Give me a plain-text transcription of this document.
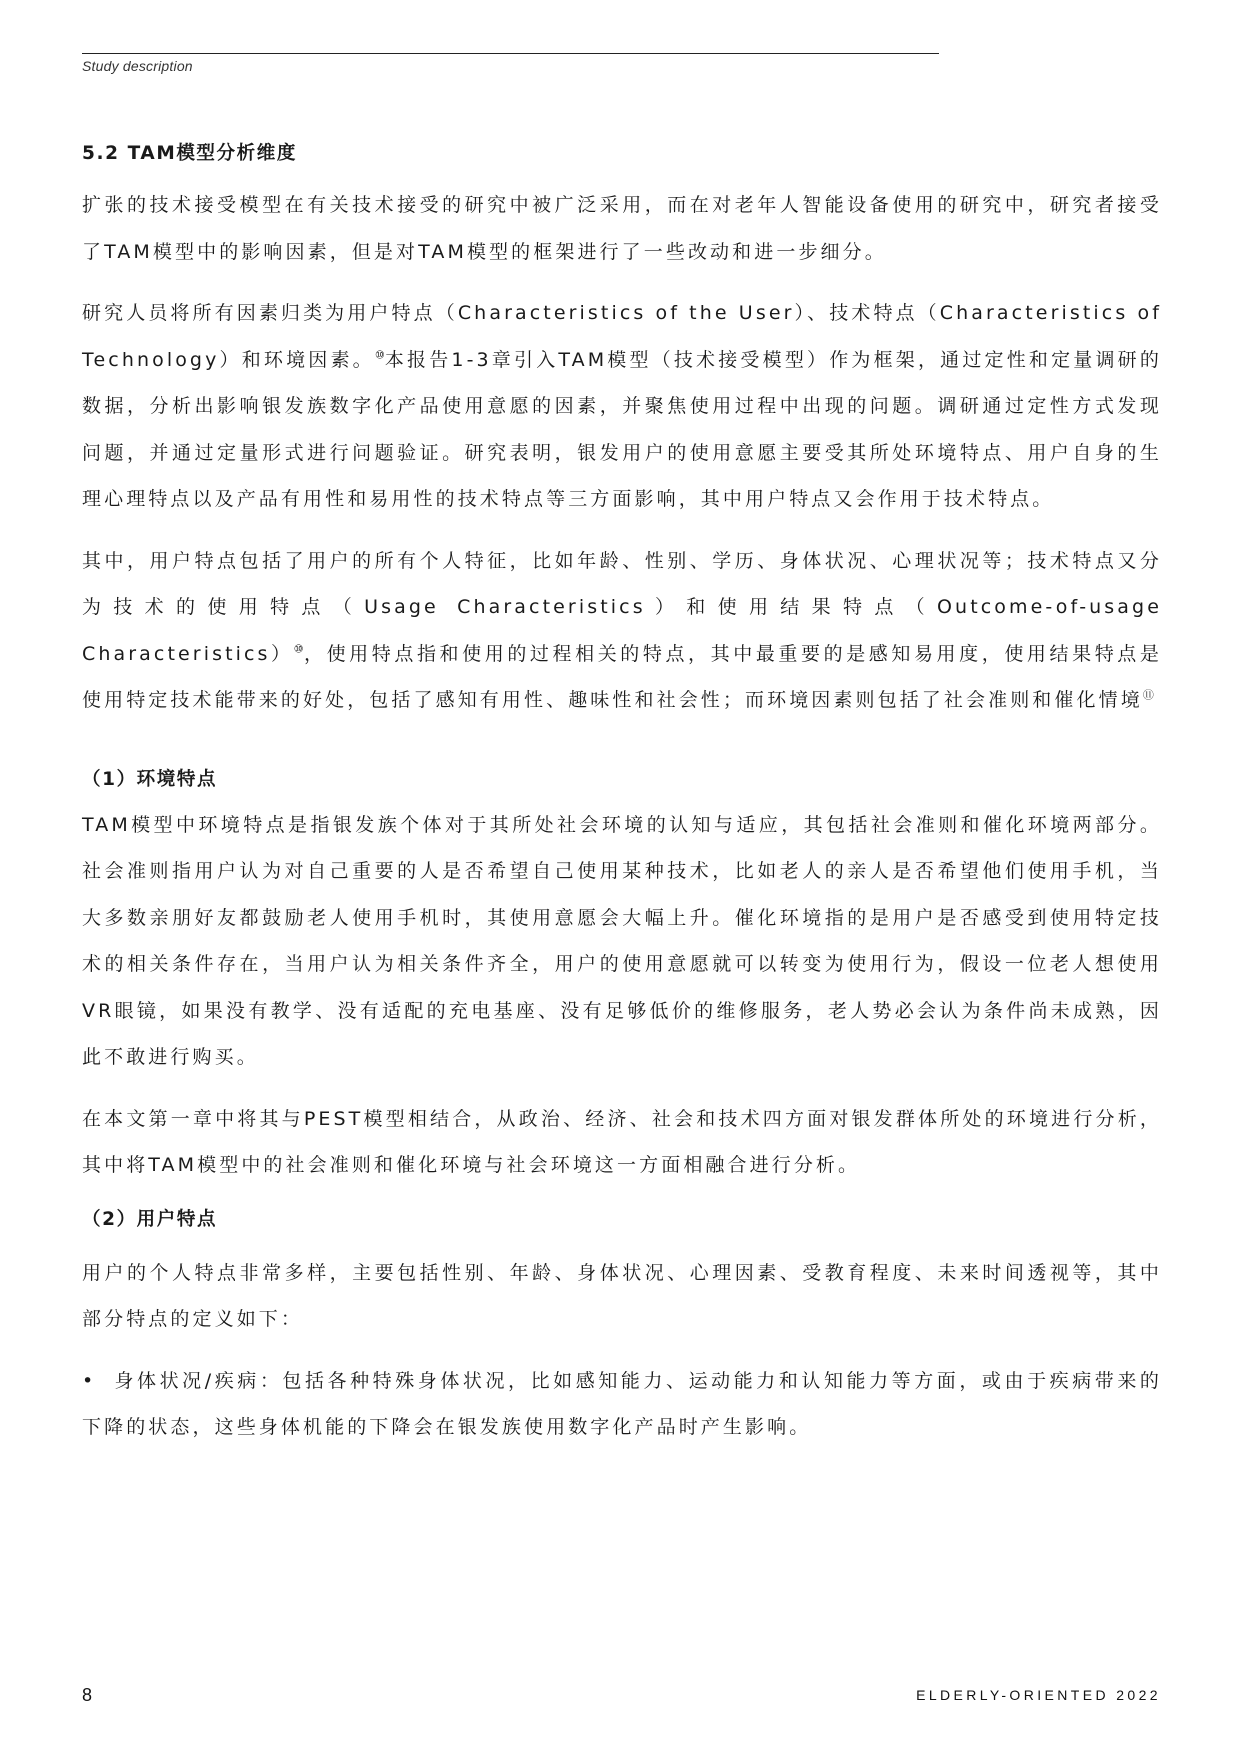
Study description
5.2 TAM模型分析维度

扩张的技术接受模型在有关技术接受的研究中被广泛采用，而在对老年人智能设备使用的研究中，研究者接受了TAM模型中的影响因素，但是对TAM模型的框架进行了一些改动和进一步细分。

研究人员将所有因素归类为用户特点（Characteristics of the User）、技术特点（Characteristics of Technology）和环境因素。⑩本报告1-3章引入TAM模型（技术接受模型）作为框架，通过定性和定量调研的数据，分析出影响银发族数字化产品使用意愿的因素，并聚焦使用过程中出现的问题。调研通过定性方式发现问题，并通过定量形式进行问题验证。研究表明，银发用户的使用意愿主要受其所处环境特点、用户自身的生理心理特点以及产品有用性和易用性的技术特点等三方面影响，其中用户特点又会作用于技术特点。

其中，用户特点包括了用户的所有个人特征，比如年龄、性别、学历、身体状况、心理状况等；技术特点又分为技术的使用特点（Usage Characteristics）和使用结果特点（Outcome-of-usage Characteristics）⑩，使用特点指和使用的过程相关的特点，其中最重要的是感知易用度，使用结果特点是使用特定技术能带来的好处，包括了感知有用性、趣味性和社会性；而环境因素则包括了社会准则和催化情境⑪

（1）环境特点

TAM模型中环境特点是指银发族个体对于其所处社会环境的认知与适应，其包括社会准则和催化环境两部分。社会准则指用户认为对自己重要的人是否希望自己使用某种技术，比如老人的亲人是否希望他们使用手机，当大多数亲朋好友都鼓励老人使用手机时，其使用意愿会大幅上升。催化环境指的是用户是否感受到使用特定技术的相关条件存在，当用户认为相关条件齐全，用户的使用意愿就可以转变为使用行为，假设一位老人想使用VR眼镜，如果没有教学、没有适配的充电基座、没有足够低价的维修服务，老人势必会认为条件尚未成熟，因此不敢进行购买。

在本文第一章中将其与PEST模型相结合，从政治、经济、社会和技术四方面对银发群体所处的环境进行分析，其中将TAM模型中的社会准则和催化环境与社会环境这一方面相融合进行分析。

（2）用户特点

用户的个人特点非常多样，主要包括性别、年龄、身体状况、心理因素、受教育程度、未来时间透视等，其中部分特点的定义如下：

• 身体状况/疾病：包括各种特殊身体状况，比如感知能力、运动能力和认知能力等方面，或由于疾病带来的下降的状态，这些身体机能的下降会在银发族使用数字化产品时产生影响。

8	ELDERLY-ORIENTED 2022
